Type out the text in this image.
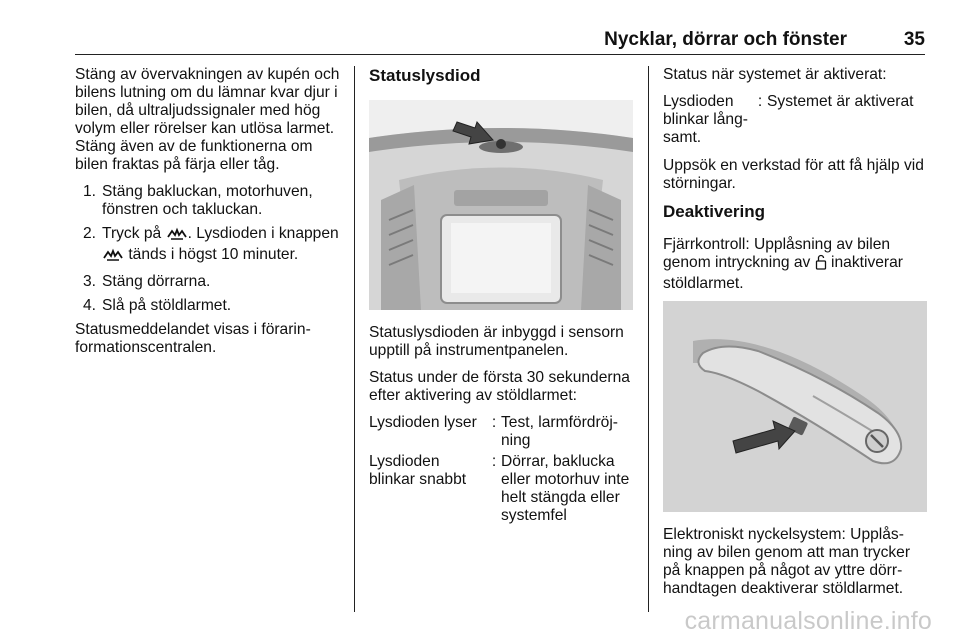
Nycklar, dörrar och fönster	35

Stäng av övervakningen av kupén och bilens lutning om du lämnar kvar djur i bilen, då ultraljudssignaler med hög volym eller rörelser kan utlösa larmet. Stäng även av de funktionerna om bilen fraktas på färja eller tåg.

1. Stäng bakluckan, motorhuven, fönstren och takluckan.
2. Tryck på . Lysdioden i knappen  tänds i högst 10 minuter.
3. Stäng dörrarna.
4. Slå på stöldlarmet.

Statusmeddelandet visas i förarinformationscentralen.

Statuslysdiod

Statuslysdioden är inbyggd i sensorn upptill på instrumentpanelen.

Status under de första 30 sekunderna efter aktivering av stöldlarmet:

Lysdioden lyser : Test, larmfördröjning
Lysdioden blinkar snabbt: Dörrar, baklucka eller motorhuv inte helt stängda eller systemfel

Status när systemet är aktiverat:

Lysdioden blinkar långsamt.: Systemet är aktiverat

Uppsök en verkstad för att få hjälp vid störningar.

Deaktivering

Fjärrkontroll: Upplåsning av bilen genom intryckning av inaktiverar stöldlarmet.

Elektroniskt nyckelsystem: Upplåsning av bilen genom att man trycker på knappen på något av yttre dörrhandtagen deaktiverar stöldlarmet.

carmanualsonline.info
